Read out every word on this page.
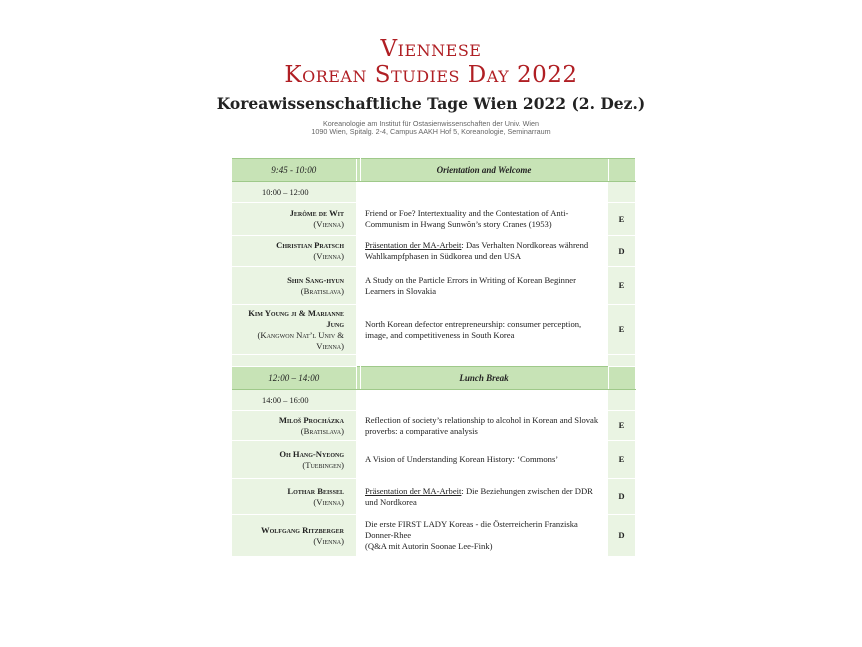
Viennese
Korean Studies Day 2022
Koreawissenschaftliche Tage Wien 2022 (2. Dez.)
Koreanologie am Institut für Ostasienwissenschaften der Univ. Wien
1090 Wien, Spitalg. 2-4, Campus AAKH Hof 5, Koreanologie, Seminarraum
9:45 - 10:00		Orientation and Welcome	
10:00 – 12:00			

Jerôme de Wit
(Vienna)		Friend or Foe? Intertextuality and the Contestation of Anti-Communism in Hwang Sunwŏn’s story Cranes (1953)	E

Christian Pratsch
(Vienna)		Präsentation der MA-Arbeit: Das Verhalten Nordkoreas während Wahlkampfphasen in Südkorea und den USA	D

Shin Sang-hyun
(Bratislava)		A Study on the Particle Errors in Writing of Korean Beginner Learners in Slovakia	E

Kim Young ji & Marianne Jung
(Kangwon Nat’l Univ & Vienna)		North Korean defector entrepreneurship: consumer perception, image, and competitiveness in South Korea	E

12:00 – 14:00		Lunch Break	
14:00 – 16:00			

Miloš Procházka
(Bratislava)		Reflection of society’s relationship to alcohol in Korean and Slovak proverbs: a comparative analysis	E

Oh Hang-Nyeong
(Tuebingen)		A Vision of Understanding Korean History: ‘Commons’	E

Lothar Beissel
(Vienna)		Präsentation der MA-Arbeit: Die Beziehungen zwischen der DDR und Nordkorea	D

Wolfgang Ritzberger
(Vienna)		Die erste FIRST LADY Koreas - die Österreicherin Franziska Donner-Rhee
(Q&A mit Autorin Soonae Lee-Fink)	D
